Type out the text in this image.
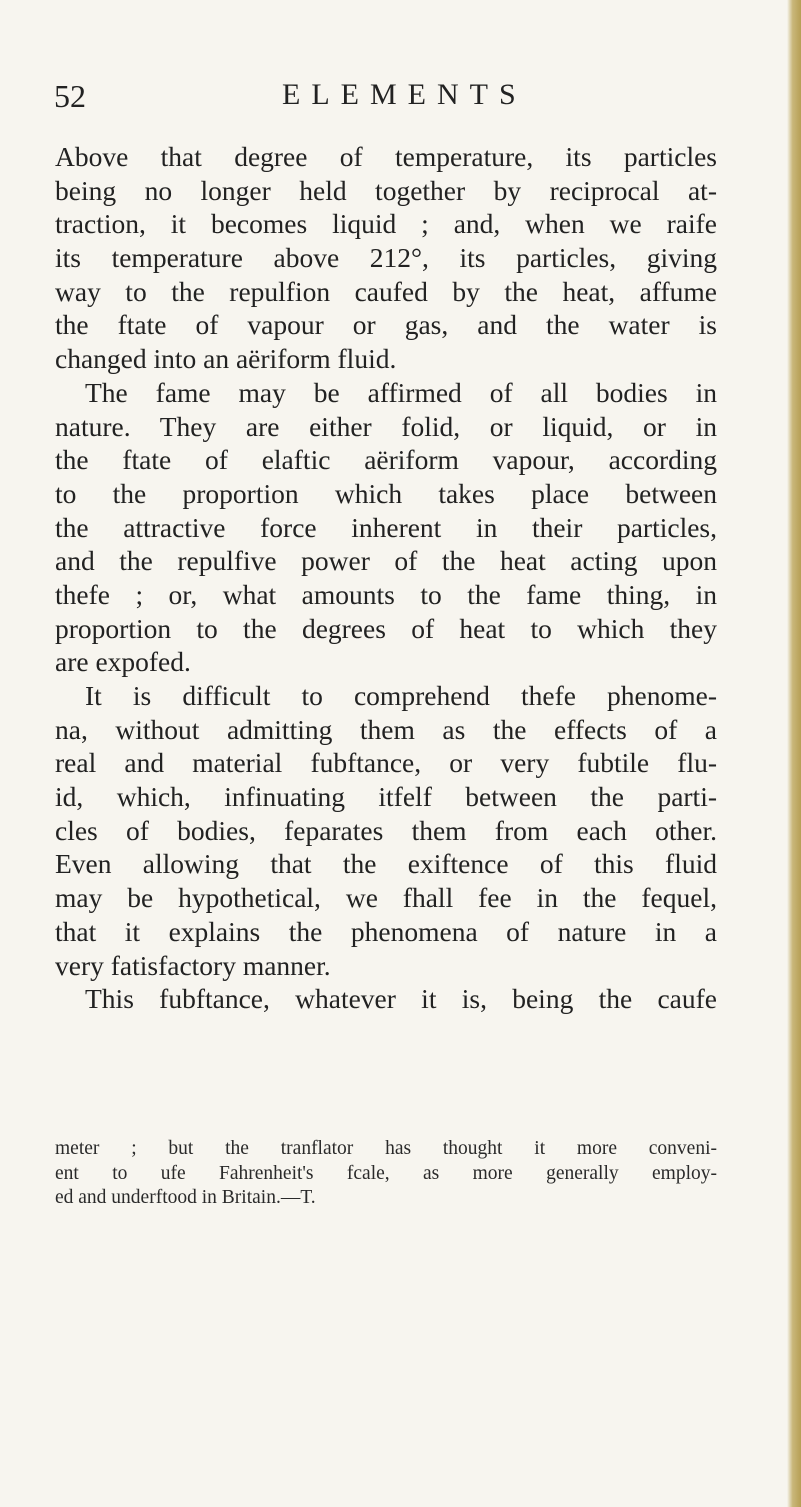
52	ELEMENTS
Above that degree of temperature, its particles
being no longer held together by reciprocal at-
traction, it becomes liquid ; and, when we raife
its temperature above 212°, its particles, giving
way to the repulfion caufed by the heat, affume
the ftate of vapour or gas, and the water is
changed into an aëriform fluid.
The fame may be affirmed of all bodies in
nature. They are either folid, or liquid, or in
the ftate of elaftic aëriform vapour, according
to the proportion which takes place between
the attractive force inherent in their particles,
and the repulfive power of the heat acting upon
thefe ; or, what amounts to the fame thing, in
proportion to the degrees of heat to which they
are expofed.
It is difficult to comprehend thefe phenome-
na, without admitting them as the effects of a
real and material fubftance, or very fubtile flu-
id, which, infinuating itfelf between the parti-
cles of bodies, feparates them from each other.
Even allowing that the exiftence of this fluid
may be hypothetical, we fhall fee in the fequel,
that it explains the phenomena of nature in a
very fatisfactory manner.
This fubftance, whatever it is, being the caufe
meter ; but the tranflator has thought it more conveni-
ent to ufe Fahrenheit's fcale, as more generally employ-
ed and underftood in Britain.—T.
